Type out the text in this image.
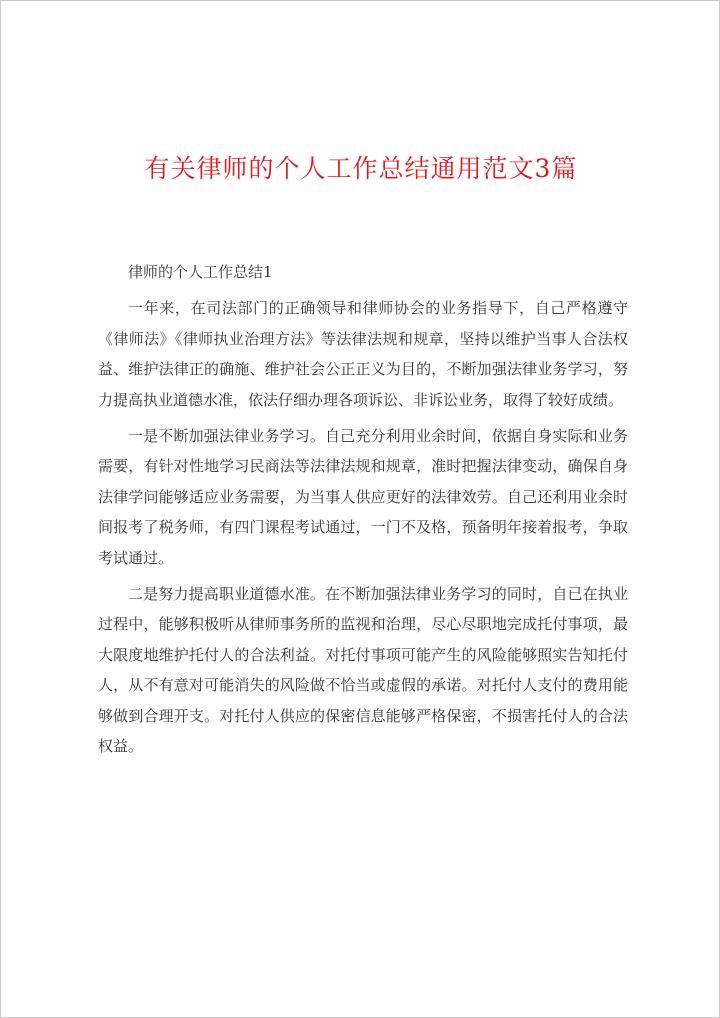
有关律师的个人工作总结通用范文3篇

律师的个人工作总结1

一年来，在司法部门的正确领导和律师协会的业务指导下，自己严格遵守《律师法》《律师执业治理方法》等法律法规和规章，坚持以维护当事人合法权益、维护法律正的确施、维护社会公正正义为目的，不断加强法律业务学习，努力提高执业道德水准，依法仔细办理各项诉讼、非诉讼业务，取得了较好成绩。

一是不断加强法律业务学习。自己充分利用业余时间，依据自身实际和业务需要，有针对性地学习民商法等法律法规和规章，准时把握法律变动，确保自身法律学问能够适应业务需要，为当事人供应更好的法律效劳。自己还利用业余时间报考了税务师，有四门课程考试通过，一门不及格，预备明年接着报考，争取考试通过。

二是努力提高职业道德水准。在不断加强法律业务学习的同时，自已在执业过程中，能够积极听从律师事务所的监视和治理，尽心尽职地完成托付事项，最大限度地维护托付人的合法利益。对托付事项可能产生的风险能够照实告知托付人，从不有意对可能消失的风险做不恰当或虚假的承诺。对托付人支付的费用能够做到合理开支。对托付人供应的保密信息能够严格保密，不损害托付人的合法权益。
